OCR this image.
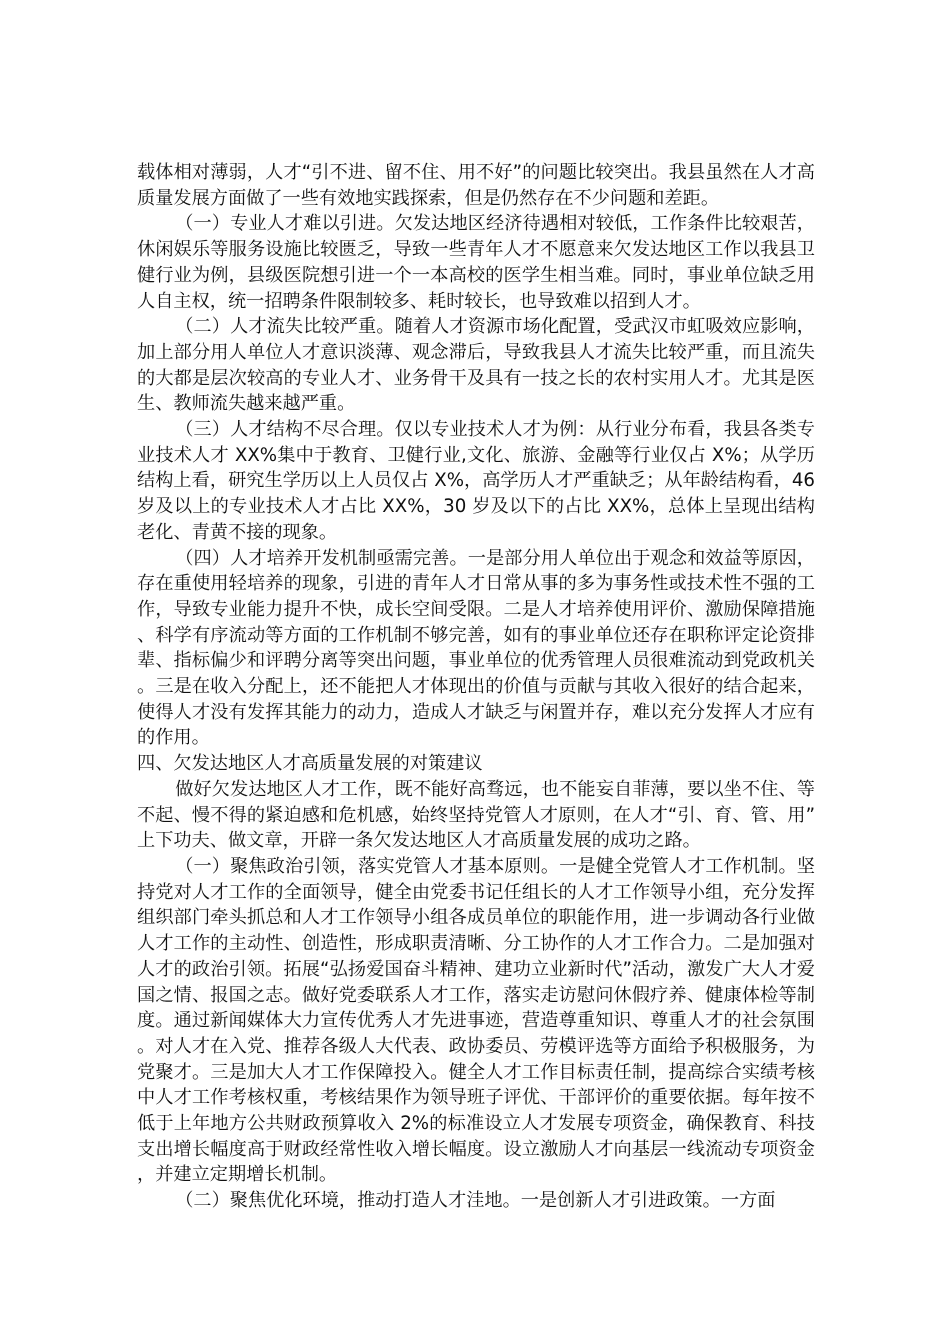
载体相对薄弱，人才“引不进、留不住、用不好”的问题比较突出。我县虽然在人才高质量发展方面做了一些有效地实践探索，但是仍然存在不少问题和差距。

（一）专业人才难以引进。欠发达地区经济待遇相对较低，工作条件比较艰苦，休闲娱乐等服务设施比较匮乏，导致一些青年人才不愿意来欠发达地区工作以我县卫健行业为例，县级医院想引进一个一本高校的医学生相当难。同时，事业单位缺乏用人自主权，统一招聘条件限制较多、耗时较长，也导致难以招到人才。

（二）人才流失比较严重。随着人才资源市场化配置，受武汉市虹吸效应影响，加上部分用人单位人才意识淡薄、观念滞后，导致我县人才流失比较严重，而且流失的大都是层次较高的专业人才、业务骨干及具有一技之长的农村实用人才。尤其是医生、教师流失越来越严重。

（三）人才结构不尽合理。仅以专业技术人才为例：从行业分布看，我县各类专业技术人才 XX%集中于教育、卫健行业,文化、旅游、金融等行业仅占 X%；从学历结构上看，研究生学历以上人员仅占 X%，高学历人才严重缺乏；从年龄结构看，46 岁及以上的专业技术人才占比 XX%，30 岁及以下的占比 XX%，总体上呈现出结构老化、青黄不接的现象。

（四）人才培养开发机制亟需完善。一是部分用人单位出于观念和效益等原因，存在重使用轻培养的现象，引进的青年人才日常从事的多为事务性或技术性不强的工作，导致专业能力提升不快，成长空间受限。二是人才培养使用评价、激励保障措施、科学有序流动等方面的工作机制不够完善，如有的事业单位还存在职称评定论资排辈、指标偏少和评聘分离等突出问题，事业单位的优秀管理人员很难流动到党政机关。三是在收入分配上，还不能把人才体现出的价值与贡献与其收入很好的结合起来，使得人才没有发挥其能力的动力，造成人才缺乏与闲置并存，难以充分发挥人才应有的作用。

四、欠发达地区人才高质量发展的对策建议

做好欠发达地区人才工作，既不能好高骛远，也不能妄自菲薄，要以坐不住、等不起、慢不得的紧迫感和危机感，始终坚持党管人才原则，在人才“引、育、管、用”上下功夫、做文章，开辟一条欠发达地区人才高质量发展的成功之路。

（一）聚焦政治引领，落实党管人才基本原则。一是健全党管人才工作机制。坚持党对人才工作的全面领导，健全由党委书记任组长的人才工作领导小组，充分发挥组织部门牵头抓总和人才工作领导小组各成员单位的职能作用，进一步调动各行业做人才工作的主动性、创造性，形成职责清晰、分工协作的人才工作合力。二是加强对人才的政治引领。拓展“弘扬爱国奋斗精神、建功立业新时代”活动，激发广大人才爱国之情、报国之志。做好党委联系人才工作，落实走访慰问休假疗养、健康体检等制度。通过新闻媒体大力宣传优秀人才先进事迹，营造尊重知识、尊重人才的社会氛围。对人才在入党、推荐各级人大代表、政协委员、劳模评选等方面给予积极服务，为党聚才。三是加大人才工作保障投入。健全人才工作目标责任制，提高综合实绩考核中人才工作考核权重，考核结果作为领导班子评优、干部评价的重要依据。每年按不低于上年地方公共财政预算收入 2%的标准设立人才发展专项资金，确保教育、科技支出增长幅度高于财政经常性收入增长幅度。设立激励人才向基层一线流动专项资金，并建立定期增长机制。

（二）聚焦优化环境，推动打造人才洼地。一是创新人才引进政策。一方面
